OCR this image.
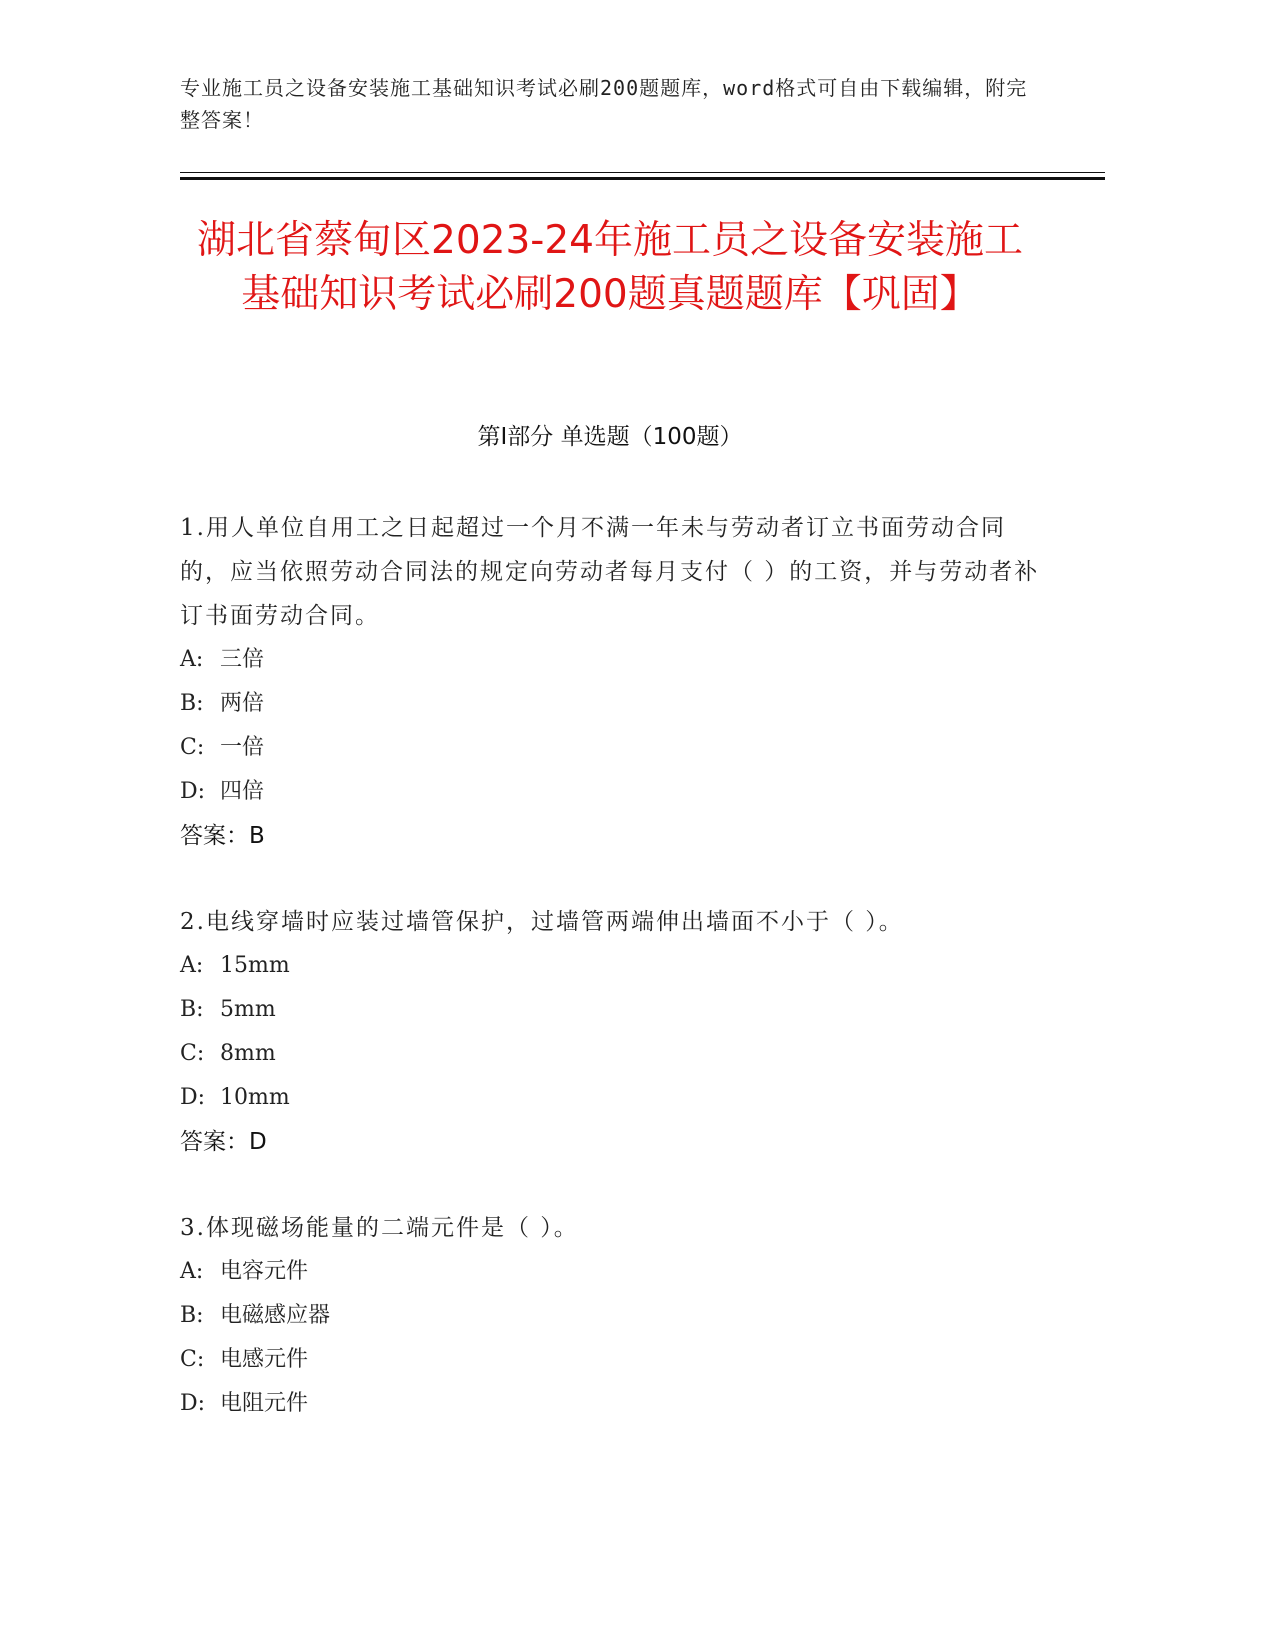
专业施工员之设备安装施工基础知识考试必刷200题题库，word格式可自由下载编辑，附完整答案！
湖北省蔡甸区2023-24年施工员之设备安装施工基础知识考试必刷200题真题题库【巩固】
第I部分 单选题（100题）
1.用人单位自用工之日起超过一个月不满一年未与劳动者订立书面劳动合同的，应当依照劳动合同法的规定向劳动者每月支付（ ）的工资，并与劳动者补订书面劳动合同。
A: 三倍
B: 两倍
C: 一倍
D: 四倍
答案：B
2.电线穿墙时应装过墙管保护，过墙管两端伸出墙面不小于（ ）。
A: 15mm
B: 5mm
C: 8mm
D: 10mm
答案：D
3.体现磁场能量的二端元件是（ ）。
A: 电容元件
B: 电磁感应器
C: 电感元件
D: 电阻元件
